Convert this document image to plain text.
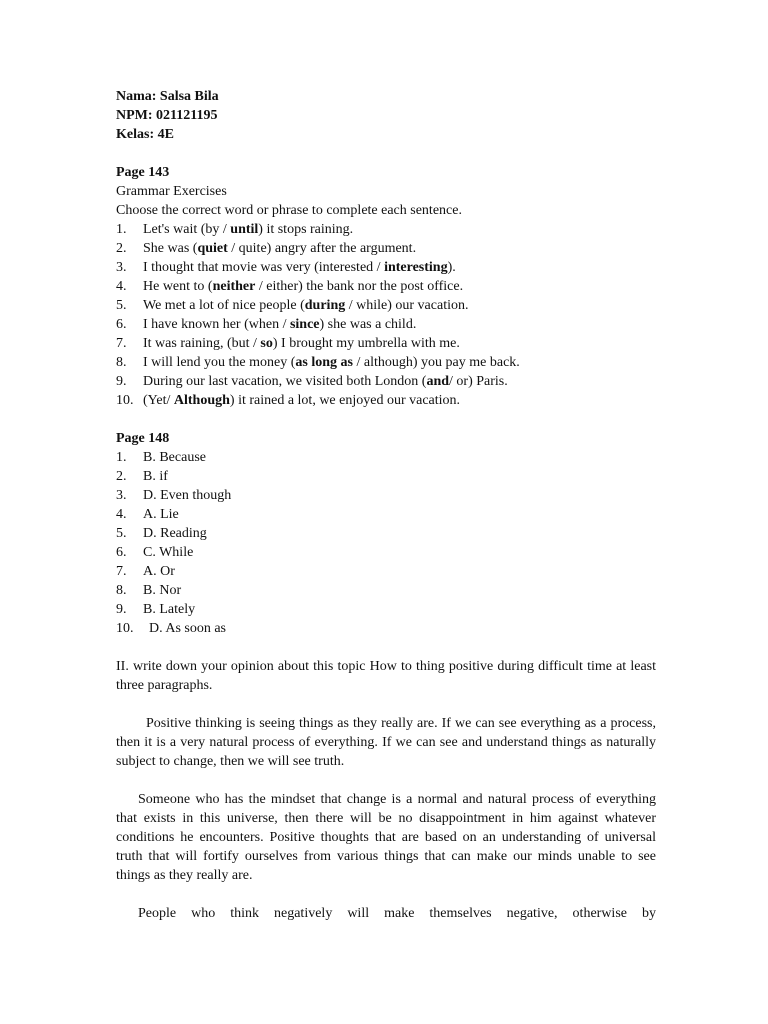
Nama: Salsa Bila
NPM: 021121195
Kelas: 4E
Page 143
Grammar Exercises
Choose the correct word or phrase to complete each sentence.
1.	Let's wait (by / until) it stops raining.
2.	She was (quiet / quite) angry after the argument.
3.	I thought that movie was very (interested / interesting).
4.	He went to (neither / either) the bank nor the post office.
5.	We met a lot of nice people (during / while) our vacation.
6.	I have known her (when / since) she was a child.
7.	It was raining, (but / so) I brought my umbrella with me.
8.	I will lend you the money (as long as / although) you pay me back.
9.	During our last vacation, we visited both London (and/ or) Paris.
10. (Yet/ Although) it rained a lot, we enjoyed our vacation.
Page 148
1.	B. Because
2.	B. if
3.	D. Even though
4.	A. Lie
5.	D. Reading
6.	C. While
7.	A. Or
8.	B. Nor
9.	B. Lately
10.	D. As soon as

II. write down your opinion about this topic How to thing positive during difficult time at least three paragraphs.

Positive thinking is seeing things as they really are. If we can see everything as a process, then it is a very natural process of everything. If we can see and understand things as naturally subject to change, then we will see truth.

Someone who has the mindset that change is a normal and natural process of everything that exists in this universe, then there will be no disappointment in him against whatever conditions he encounters. Positive thoughts that are based on an understanding of universal truth that will fortify ourselves from various things that can make our minds unable to see things as they really are.

People who think negatively will make themselves negative, otherwise by
